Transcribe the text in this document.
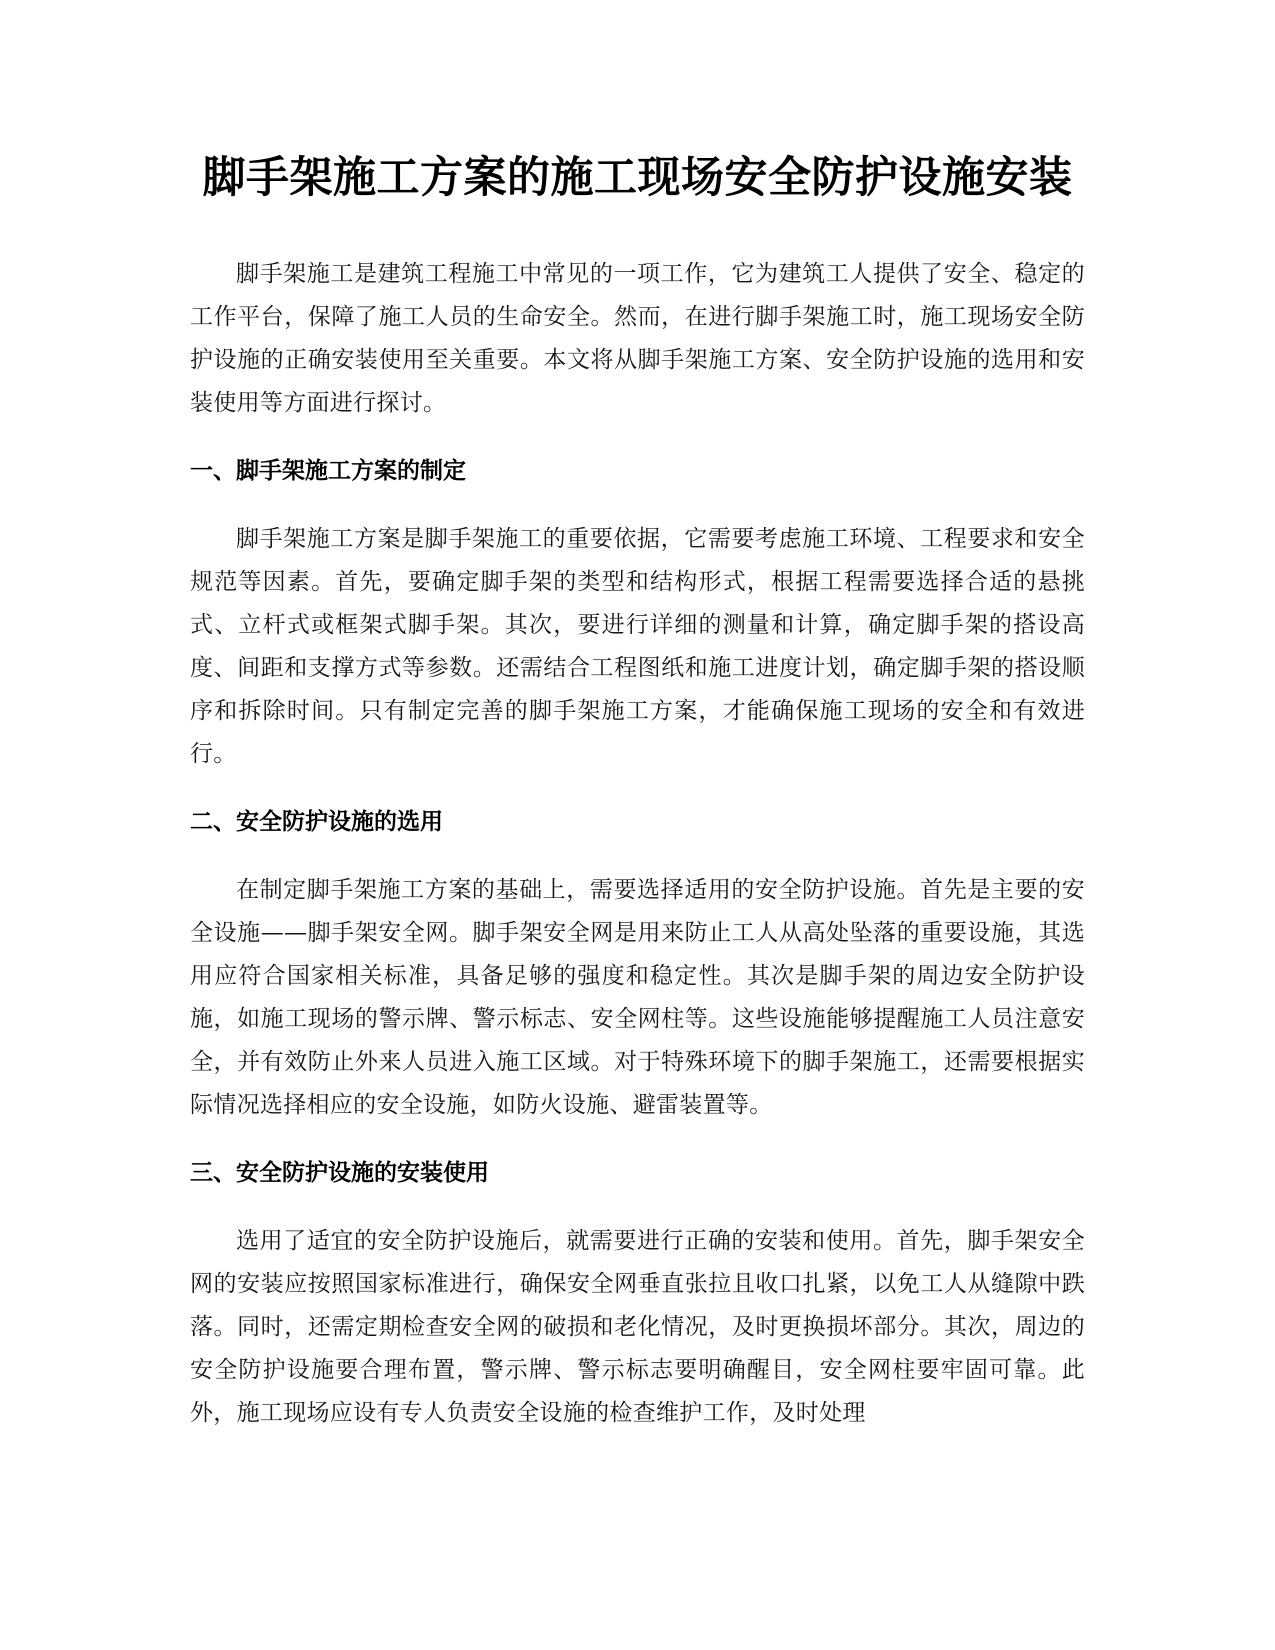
脚手架施工方案的施工现场安全防护设施安装

脚手架施工是建筑工程施工中常见的一项工作，它为建筑工人提供了安全、稳定的工作平台，保障了施工人员的生命安全。然而，在进行脚手架施工时，施工现场安全防护设施的正确安装使用至关重要。本文将从脚手架施工方案、安全防护设施的选用和安装使用等方面进行探讨。

一、脚手架施工方案的制定

脚手架施工方案是脚手架施工的重要依据，它需要考虑施工环境、工程要求和安全规范等因素。首先，要确定脚手架的类型和结构形式，根据工程需要选择合适的悬挑式、立杆式或框架式脚手架。其次，要进行详细的测量和计算，确定脚手架的搭设高度、间距和支撑方式等参数。还需结合工程图纸和施工进度计划，确定脚手架的搭设顺序和拆除时间。只有制定完善的脚手架施工方案，才能确保施工现场的安全和有效进行。

二、安全防护设施的选用

在制定脚手架施工方案的基础上，需要选择适用的安全防护设施。首先是主要的安全设施——脚手架安全网。脚手架安全网是用来防止工人从高处坠落的重要设施，其选用应符合国家相关标准，具备足够的强度和稳定性。其次是脚手架的周边安全防护设施，如施工现场的警示牌、警示标志、安全网柱等。这些设施能够提醒施工人员注意安全，并有效防止外来人员进入施工区域。对于特殊环境下的脚手架施工，还需要根据实际情况选择相应的安全设施，如防火设施、避雷装置等。

三、安全防护设施的安装使用

选用了适宜的安全防护设施后，就需要进行正确的安装和使用。首先，脚手架安全网的安装应按照国家标准进行，确保安全网垂直张拉且收口扎紧，以免工人从缝隙中跌落。同时，还需定期检查安全网的破损和老化情况，及时更换损坏部分。其次，周边的安全防护设施要合理布置，警示牌、警示标志要明确醒目，安全网柱要牢固可靠。此外，施工现场应设有专人负责安全设施的检查维护工作，及时处理
